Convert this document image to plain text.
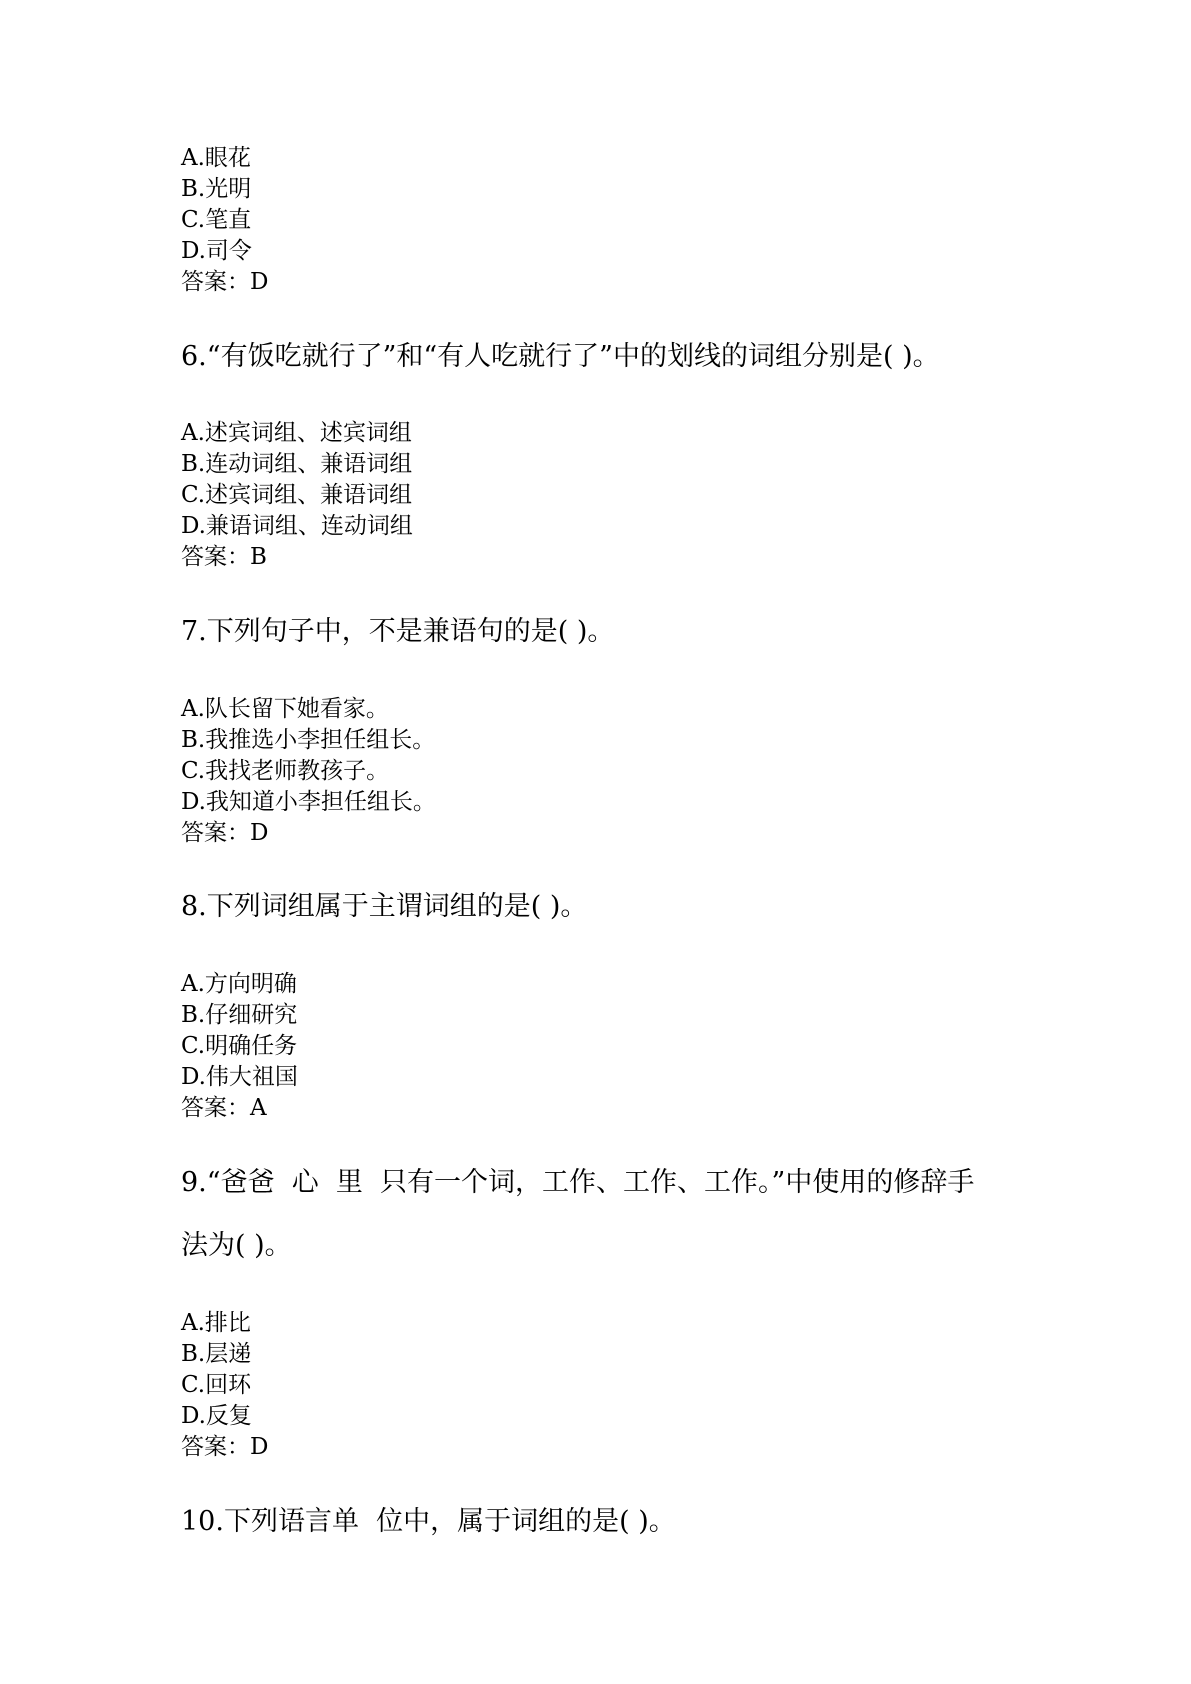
A.眼花
B.光明
C.笔直
D.司令
答案：D
6.“有饭吃就行了”和“有人吃就行了”中的划线的词组分别是( )。
A.述宾词组、述宾词组
B.连动词组、兼语词组
C.述宾词组、兼语词组
D.兼语词组、连动词组
答案：B
7.下列句子中，不是兼语句的是( )。
A.队长留下她看家。
B.我推选小李担任组长。
C.我找老师教孩子。
D.我知道小李担任组长。
答案：D
8.下列词组属于主谓词组的是( )。
A.方向明确
B.仔细研究
C.明确任务
D.伟大祖国
答案：A
9.“爸爸  心  里  只有一个词，工作、工作、工作。”中使用的修辞手
法为( )。
A.排比
B.层递
C.回环
D.反复
答案：D
10.下列语言单  位中，属于词组的是( )。
